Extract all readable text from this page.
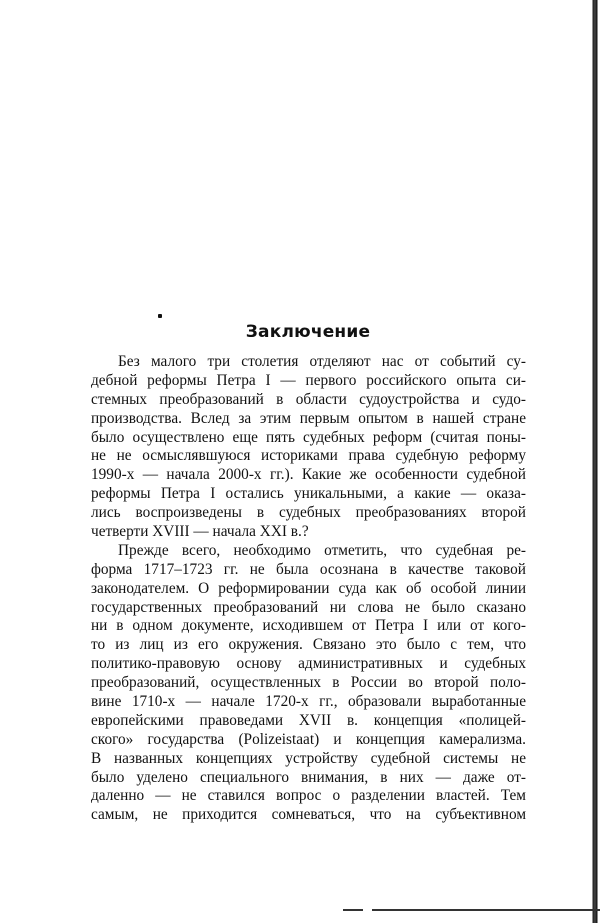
Заключение

Без малого три столетия отделяют нас от событий су-
дебной реформы Петра I — первого российского опыта си-
стемных преобразований в области судоустройства и судо-
производства. Вслед за этим первым опытом в нашей стране
было осуществлено еще пять судебных реформ (считая поны-
не не осмыслявшуюся историками права судебную реформу
1990-х — начала 2000-х гг.). Какие же особенности судебной
реформы Петра I остались уникальными, а какие — оказа-
лись воспроизведены в судебных преобразованиях второй
четверти XVIII — начала XXI в.?

Прежде всего, необходимо отметить, что судебная ре-
форма 1717–1723 гг. не была осознана в качестве таковой
законодателем. О реформировании суда как об особой линии
государственных преобразований ни слова не было сказано
ни в одном документе, исходившем от Петра I или от кого-
то из лиц из его окружения. Связано это было с тем, что
политико-правовую основу административных и судебных
преобразований, осуществленных в России во второй поло-
вине 1710-х — начале 1720-х гг., образовали выработанные
европейскими правоведами XVII в. концепция «полицей-
ского» государства (Polizeistaat) и концепция камерализма.
В названных концепциях устройству судебной системы не
было уделено специального внимания, в них — даже от-
даленно — не ставился вопрос о разделении властей. Тем
самым, не приходится сомневаться, что на субъективном
